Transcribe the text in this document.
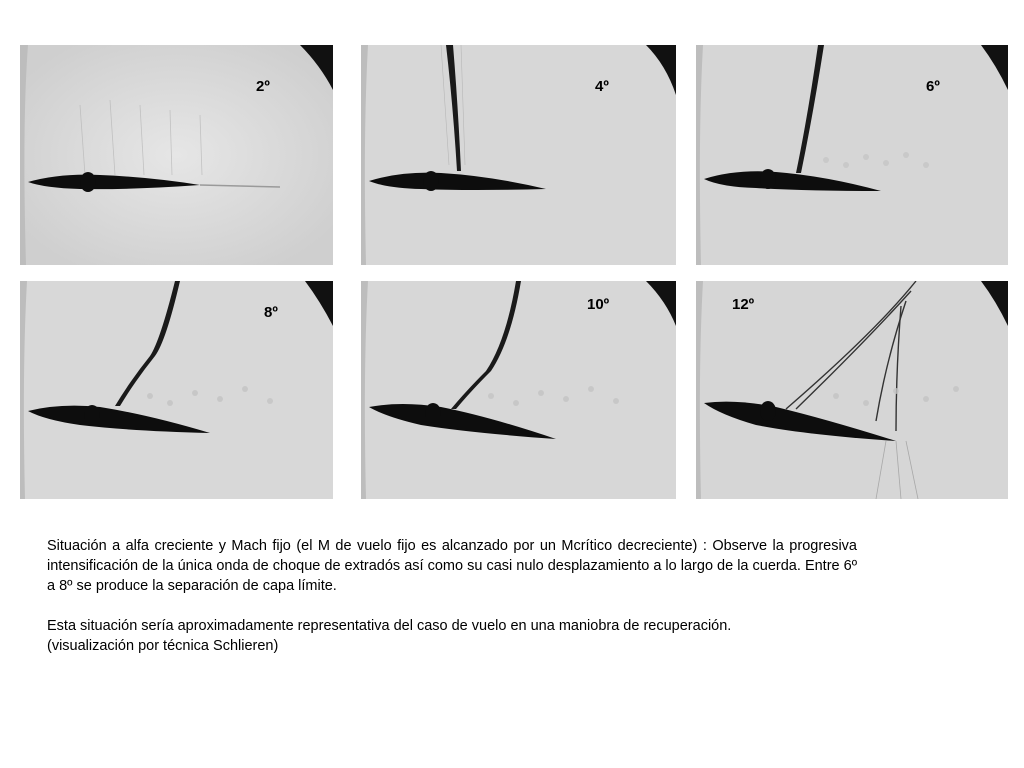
2º	4º	6º
8º	10º	12º

Situación a alfa creciente y Mach fijo (el M de vuelo fijo es alcanzado por un Mcrítico decreciente) : Observe la progresiva intensificación de la única onda de choque de extradós así como su casi nulo desplazamiento a lo largo de la cuerda. Entre 6º a 8º se produce la separación de capa límite.

Esta situación sería aproximadamente representativa del caso de vuelo en una maniobra de recuperación.

(visualización por técnica Schlieren)
